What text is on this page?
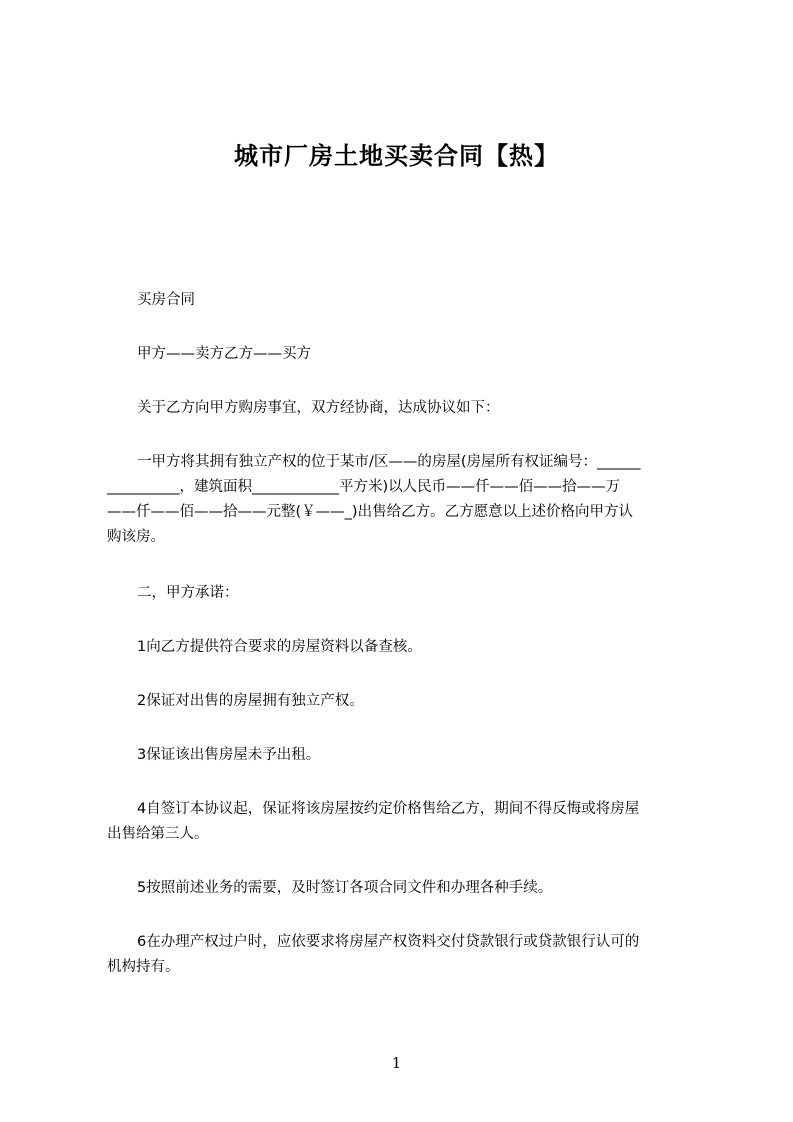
城市厂房土地买卖合同【热】
买房合同
甲方——卖方乙方——买方
关于乙方向甲方购房事宜，双方经协商，达成协议如下：
一甲方将其拥有独立产权的位于某市/区——的房屋(房屋所有权证编号：______
__________，建筑面积____________平方米)以人民币——仟——佰——拾——万
——仟——佰——拾——元整(￥——_)出售给乙方。乙方愿意以上述价格向甲方认
购该房。
二，甲方承诺：
1向乙方提供符合要求的房屋资料以备查核。
2保证对出售的房屋拥有独立产权。
3保证该出售房屋未予出租。
4自签订本协议起，保证将该房屋按约定价格售给乙方，期间不得反悔或将房屋
出售给第三人。
5按照前述业务的需要，及时签订各项合同文件和办理各种手续。
6在办理产权过户时，应依要求将房屋产权资料交付贷款银行或贷款银行认可的
机构持有。
1
